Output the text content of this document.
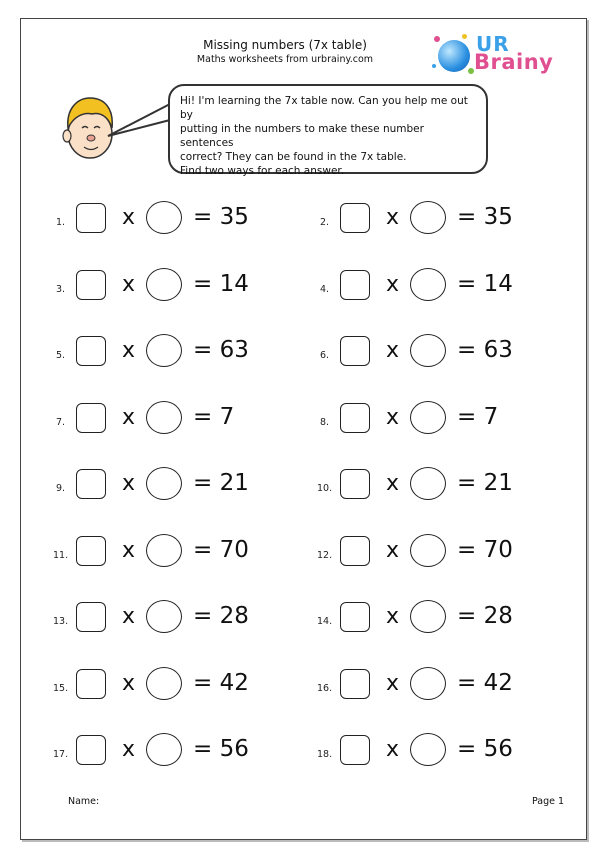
Missing numbers (7x table)
Maths worksheets from urbrainy.com
UR
Brainy
Hi! I'm learning the 7x table now. Can you help me out by
putting in the numbers to make these number sentences
correct? They can be found in the 7x table.
Find two ways for each answer.
1.	x	= 35	2.	x	= 35
3.	x	= 14	4.	x	= 14
5.	x	= 63	6.	x	= 63
7.	x	= 7	8.	x	= 7
9.	x	= 21	10. x	= 21
11. x	= 70	12. x	= 70
13. x	= 28	14. x	= 28
15. x	= 42	16. x	= 42
17. x	= 56	18. x	= 56
Name:	Page 1
